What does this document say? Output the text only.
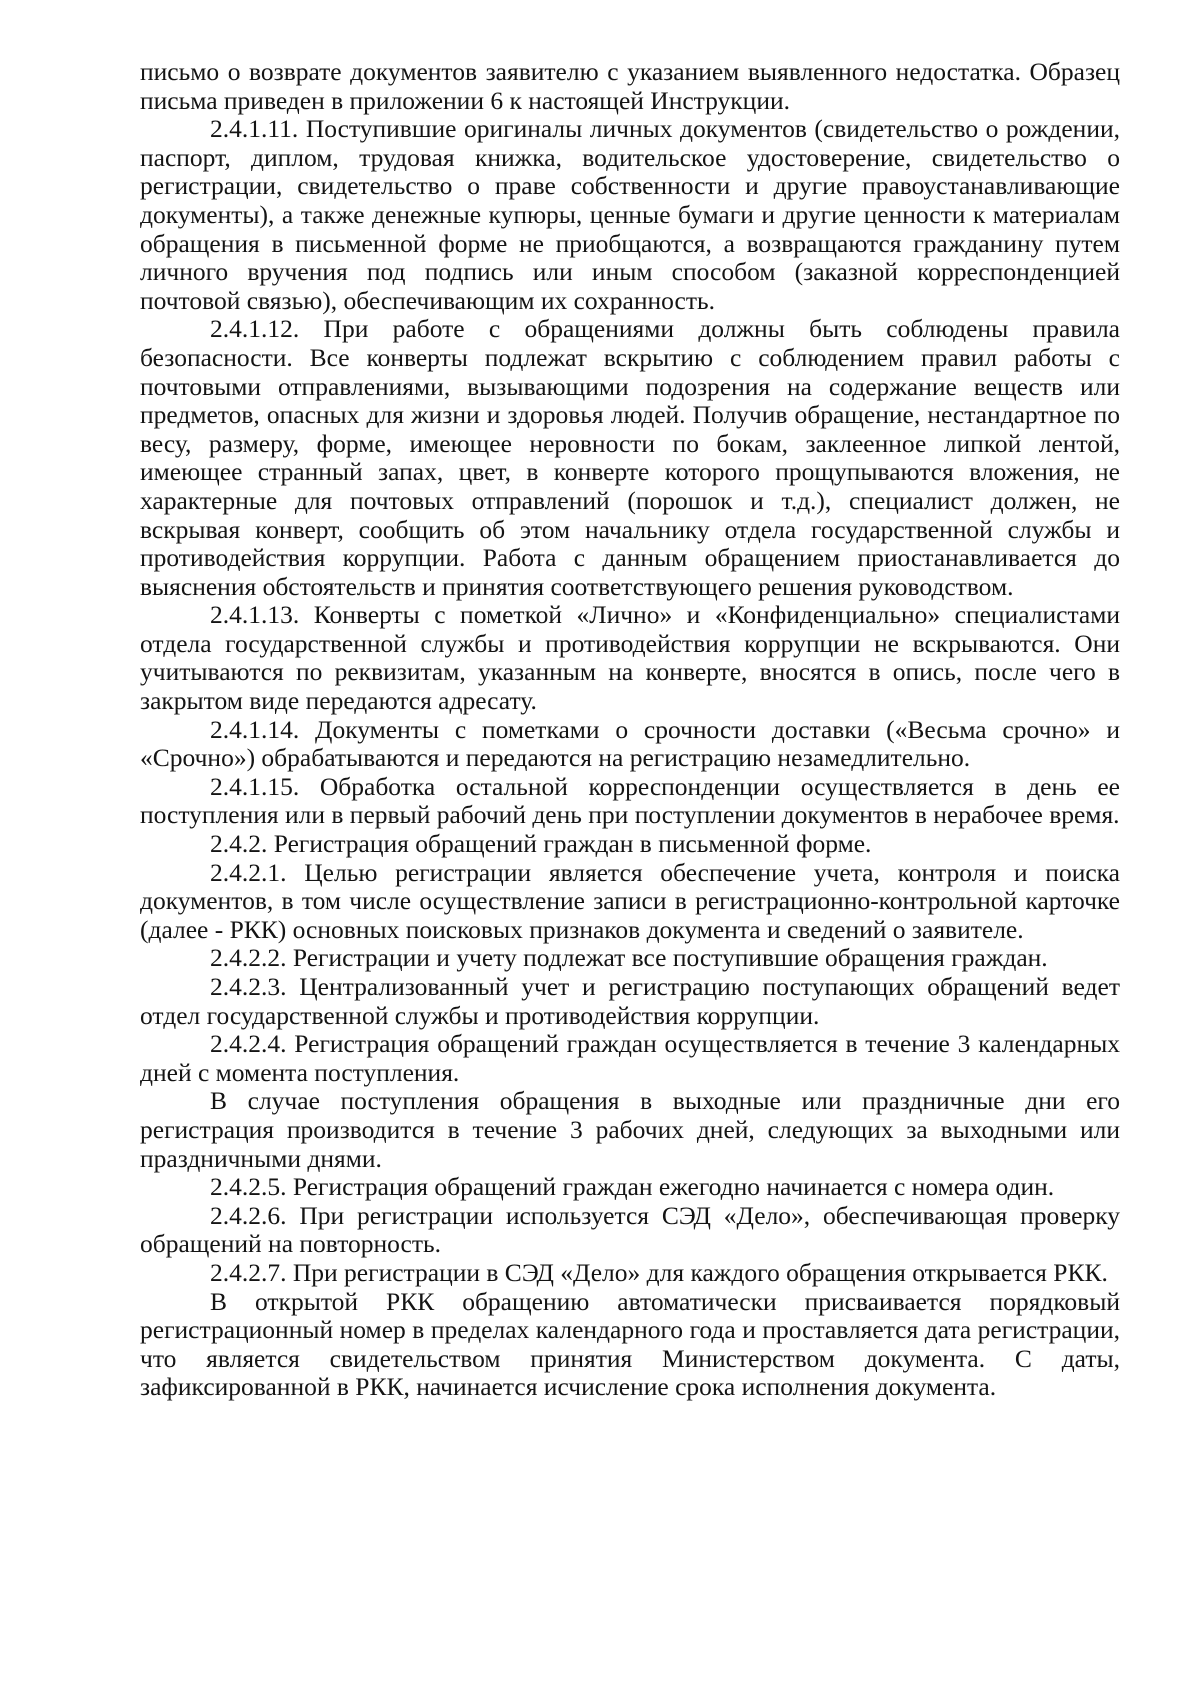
письмо о возврате документов заявителю с указанием выявленного недостатка. Образец письма приведен в приложении 6 к настоящей Инструкции.

2.4.1.11. Поступившие оригиналы личных документов (свидетельство о рождении, паспорт, диплом, трудовая книжка, водительское удостоверение, свидетельство о регистрации, свидетельство о праве собственности и другие правоустанавливающие документы), а также денежные купюры, ценные бумаги и другие ценности к материалам обращения в письменной форме не приобщаются, а возвращаются гражданину путем личного вручения под подпись или иным способом (заказной корреспонденцией почтовой связью), обеспечивающим их сохранность.

2.4.1.12. При работе с обращениями должны быть соблюдены правила безопасности. Все конверты подлежат вскрытию с соблюдением правил работы с почтовыми отправлениями, вызывающими подозрения на содержание веществ или предметов, опасных для жизни и здоровья людей. Получив обращение, нестандартное по весу, размеру, форме, имеющее неровности по бокам, заклеенное липкой лентой, имеющее странный запах, цвет, в конверте которого прощупываются вложения, не характерные для почтовых отправлений (порошок и т.д.), специалист должен, не вскрывая конверт, сообщить об этом начальнику отдела государственной службы и противодействия коррупции. Работа с данным обращением приостанавливается до выяснения обстоятельств и принятия соответствующего решения руководством.

2.4.1.13. Конверты с пометкой «Лично» и «Конфиденциально» специалистами отдела государственной службы и противодействия коррупции не вскрываются. Они учитываются по реквизитам, указанным на конверте, вносятся в опись, после чего в закрытом виде передаются адресату.

2.4.1.14. Документы с пометками о срочности доставки («Весьма срочно» и «Срочно») обрабатываются и передаются на регистрацию незамедлительно.

2.4.1.15. Обработка остальной корреспонденции осуществляется в день ее поступления или в первый рабочий день при поступлении документов в нерабочее время.

2.4.2. Регистрация обращений граждан в письменной форме.

2.4.2.1. Целью регистрации является обеспечение учета, контроля и поиска документов, в том числе осуществление записи в регистрационно-контрольной карточке (далее - РКК) основных поисковых признаков документа и сведений о заявителе.

2.4.2.2. Регистрации и учету подлежат все поступившие обращения граждан.

2.4.2.3. Централизованный учет и регистрацию поступающих обращений ведет отдел государственной службы и противодействия коррупции.

2.4.2.4. Регистрация обращений граждан осуществляется в течение 3 календарных дней с момента поступления.

В случае поступления обращения в выходные или праздничные дни его регистрация производится в течение 3 рабочих дней, следующих за выходными или праздничными днями.

2.4.2.5. Регистрация обращений граждан ежегодно начинается с номера один.

2.4.2.6. При регистрации используется СЭД «Дело», обеспечивающая проверку обращений на повторность.

2.4.2.7. При регистрации в СЭД «Дело» для каждого обращения открывается РКК.

В открытой РКК обращению автоматически присваивается порядковый регистрационный номер в пределах календарного года и проставляется дата регистрации, что является свидетельством принятия Министерством документа. С даты, зафиксированной в РКК, начинается исчисление срока исполнения документа.
